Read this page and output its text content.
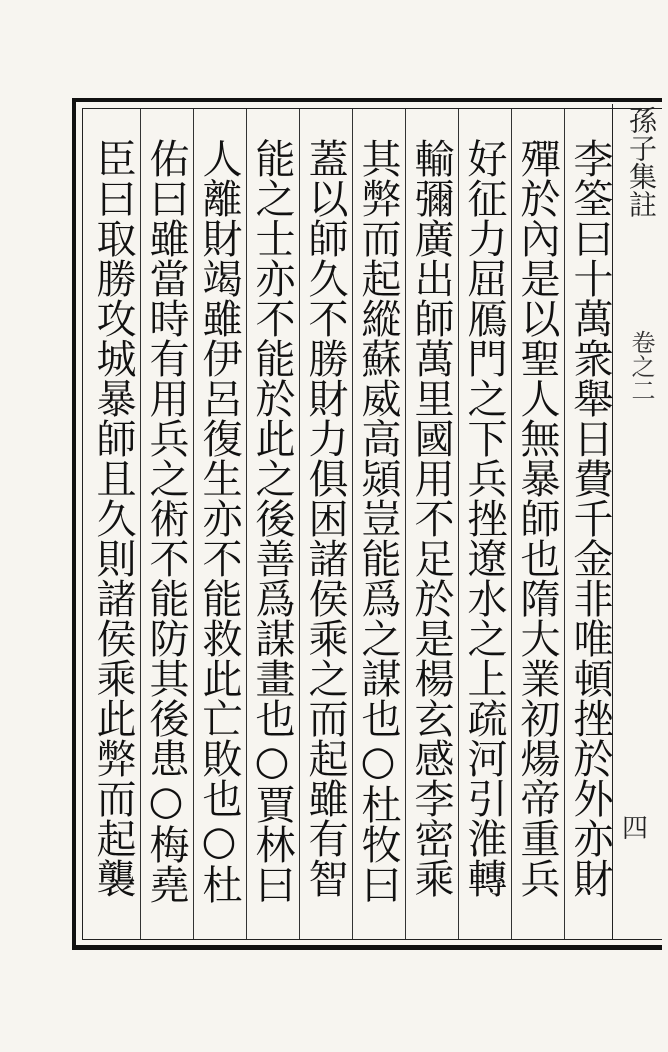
孫子集註
卷之二
四
李筌曰十萬衆舉日費千金非唯頓挫於外亦財
殫於內是以聖人無暴師也隋大業初煬帝重兵
好征力屈鴈門之下兵挫遼水之上疏河引淮轉
輸彌廣出師萬里國用不足於是楊玄感李密乘
其弊而起縱蘇威高熲豈能爲之謀也○杜牧曰
蓋以師久不勝財力俱困諸侯乘之而起雖有智
能之士亦不能於此之後善爲謀畫也○賈林曰
人離財竭雖伊呂復生亦不能救此亡敗也○杜
佑曰雖當時有用兵之術不能防其後患○梅堯
臣曰取勝攻城暴師且久則諸侯乘此弊而起襲
